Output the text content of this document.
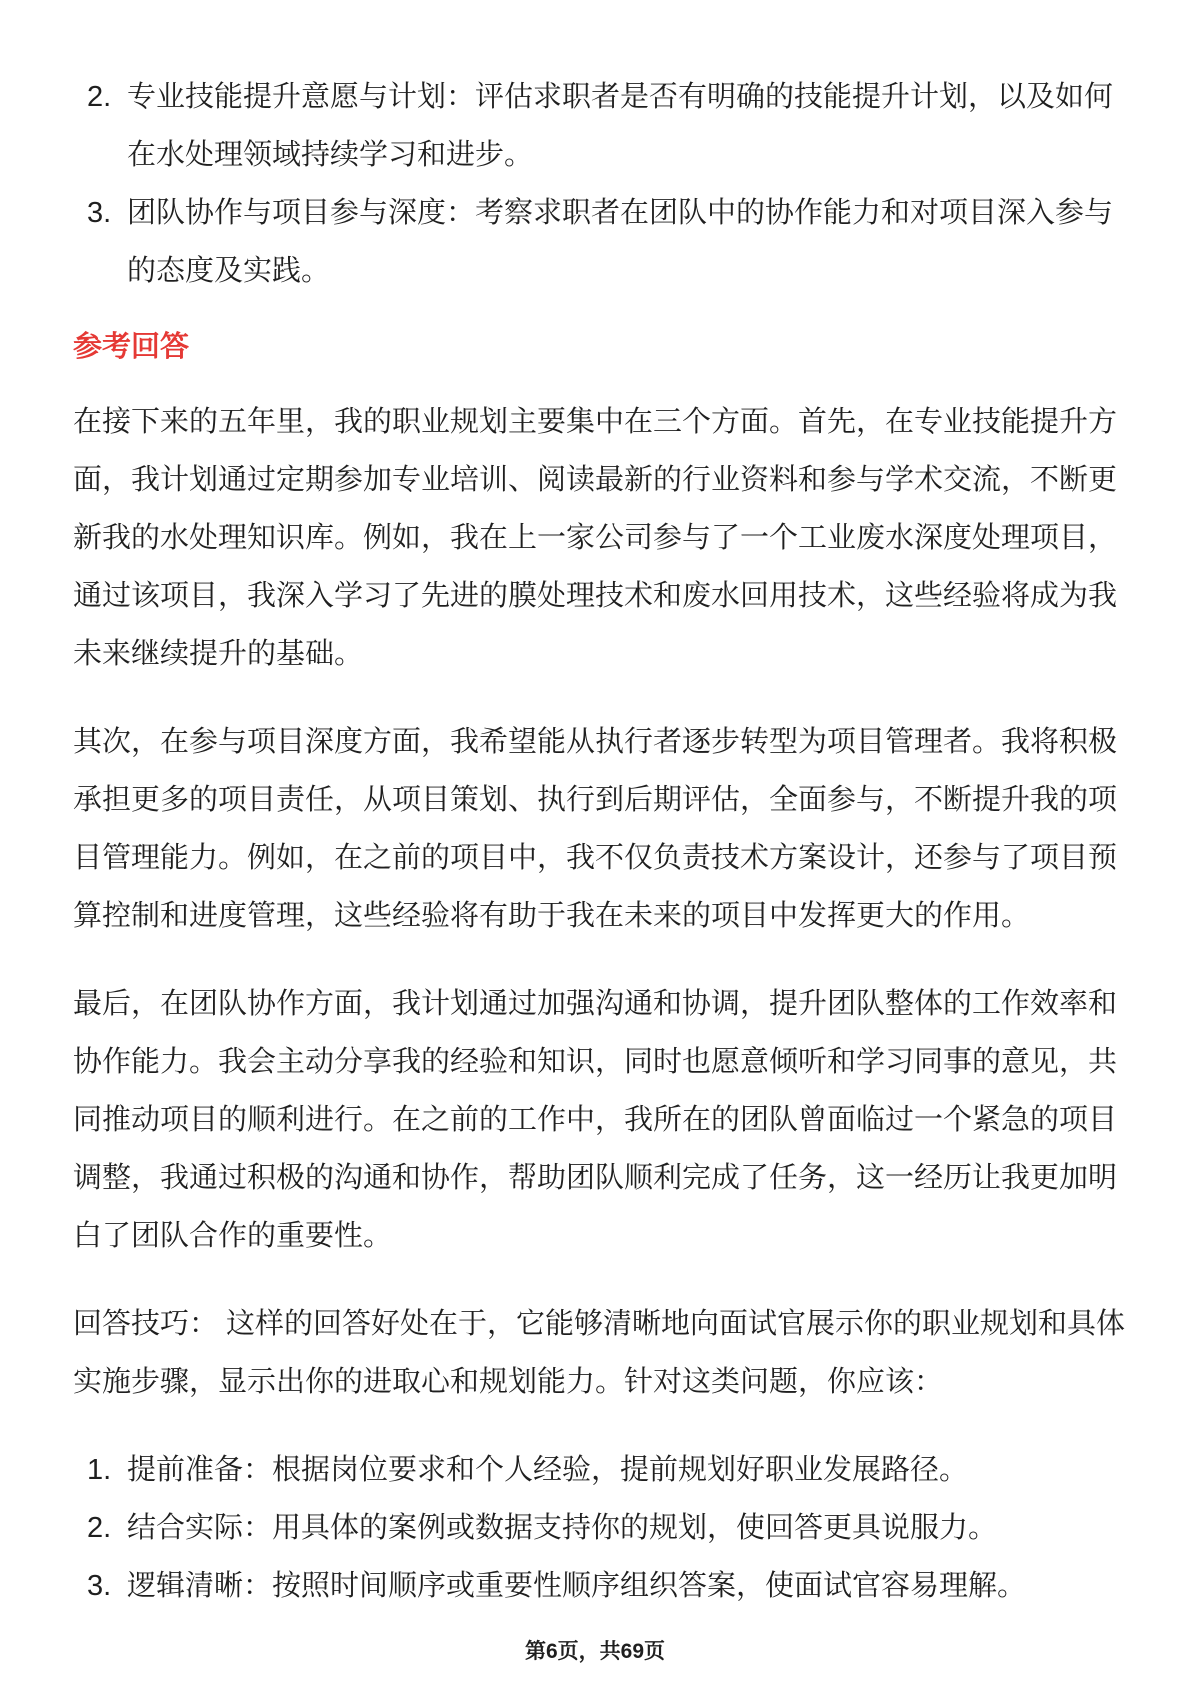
2. 专业技能提升意愿与计划：评估求职者是否有明确的技能提升计划，以及如何在水处理领域持续学习和进步。
3. 团队协作与项目参与深度：考察求职者在团队中的协作能力和对项目深入参与的态度及实践。
参考回答

在接下来的五年里，我的职业规划主要集中在三个方面。首先，在专业技能提升方面，我计划通过定期参加专业培训、阅读最新的行业资料和参与学术交流，不断更新我的水处理知识库。例如，我在上一家公司参与了一个工业废水深度处理项目，通过该项目，我深入学习了先进的膜处理技术和废水回用技术，这些经验将成为我未来继续提升的基础。

其次，在参与项目深度方面，我希望能从执行者逐步转型为项目管理者。我将积极承担更多的项目责任，从项目策划、执行到后期评估，全面参与，不断提升我的项目管理能力。例如，在之前的项目中，我不仅负责技术方案设计，还参与了项目预算控制和进度管理，这些经验将有助于我在未来的项目中发挥更大的作用。

最后，在团队协作方面，我计划通过加强沟通和协调，提升团队整体的工作效率和协作能力。我会主动分享我的经验和知识，同时也愿意倾听和学习同事的意见，共同推动项目的顺利进行。在之前的工作中，我所在的团队曾面临过一个紧急的项目调整，我通过积极的沟通和协作，帮助团队顺利完成了任务，这一经历让我更加明白了团队合作的重要性。

回答技巧： 这样的回答好处在于，它能够清晰地向面试官展示你的职业规划和具体实施步骤，显示出你的进取心和规划能力。针对这类问题，你应该：

1. 提前准备：根据岗位要求和个人经验，提前规划好职业发展路径。
2. 结合实际：用具体的案例或数据支持你的规划，使回答更具说服力。
3. 逻辑清晰：按照时间顺序或重要性顺序组织答案，使面试官容易理解。
第6页，共69页
